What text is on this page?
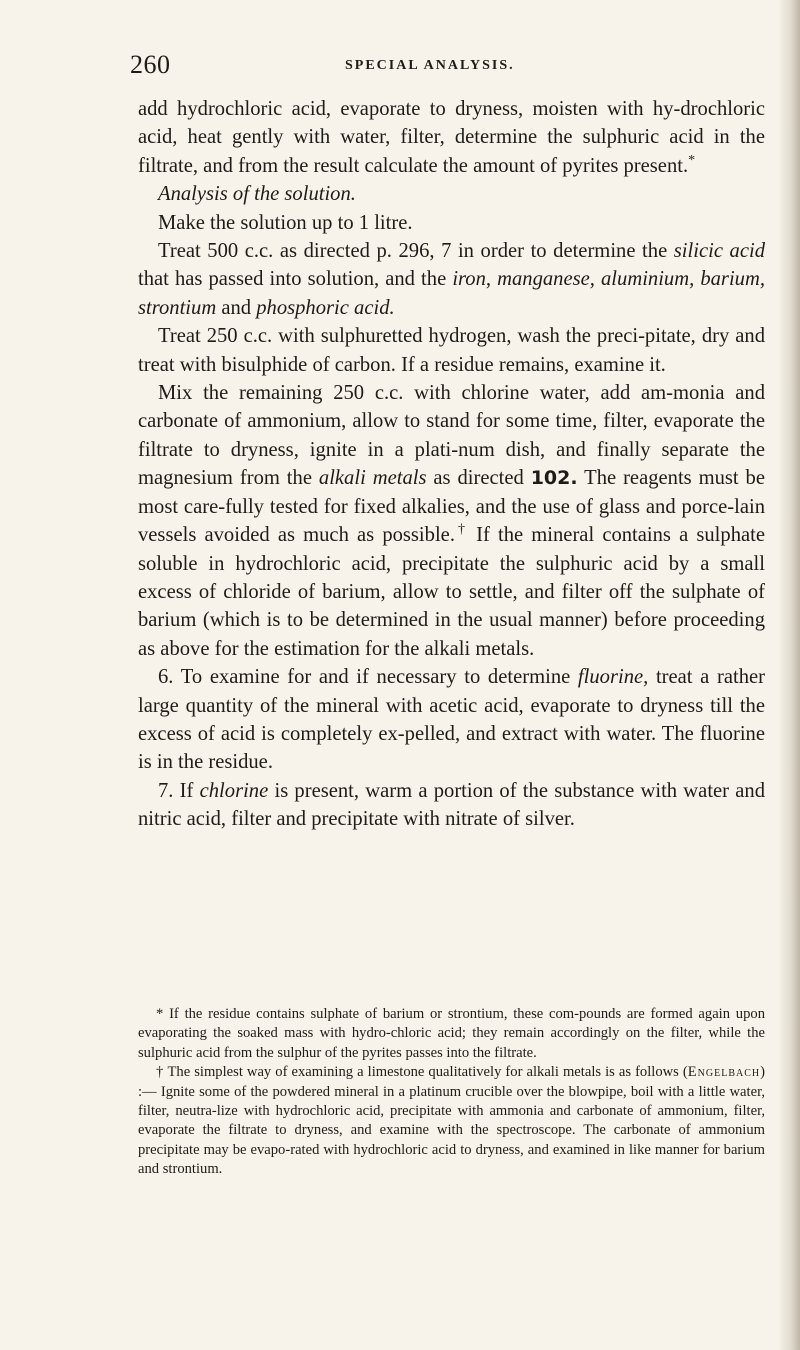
260	SPECIAL ANALYSIS.

add hydrochloric acid, evaporate to dryness, moisten with hy-drochloric acid, heat gently with water, filter, determine the sulphuric acid in the filtrate, and from the result calculate the amount of pyrites present.*

Analysis of the solution.

Make the solution up to 1 litre.

Treat 500 c.c. as directed p. 296, 7 in order to determine the silicic acid that has passed into solution, and the iron, manganese, aluminium, barium, strontium and phosphoric acid.

Treat 250 c.c. with sulphuretted hydrogen, wash the preci-pitate, dry and treat with bisulphide of carbon. If a residue remains, examine it.

Mix the remaining 250 c.c. with chlorine water, add am-monia and carbonate of ammonium, allow to stand for some time, filter, evaporate the filtrate to dryness, ignite in a plati-num dish, and finally separate the magnesium from the alkali metals as directed 102. The reagents must be most care-fully tested for fixed alkalies, and the use of glass and porce-lain vessels avoided as much as possible.† If the mineral contains a sulphate soluble in hydrochloric acid, precipitate the sulphuric acid by a small excess of chloride of barium, allow to settle, and filter off the sulphate of barium (which is to be determined in the usual manner) before proceeding as above for the estimation for the alkali metals.

6. To examine for and if necessary to determine fluorine, treat a rather large quantity of the mineral with acetic acid, evaporate to dryness till the excess of acid is completely ex-pelled, and extract with water. The fluorine is in the residue.

7. If chlorine is present, warm a portion of the substance with water and nitric acid, filter and precipitate with nitrate of silver.

* If the residue contains sulphate of barium or strontium, these com-pounds are formed again upon evaporating the soaked mass with hydro-chloric acid; they remain accordingly on the filter, while the sulphuric acid from the sulphur of the pyrites passes into the filtrate.

† The simplest way of examining a limestone qualitatively for alkali metals is as follows (Engelbach) :— Ignite some of the powdered mineral in a platinum crucible over the blowpipe, boil with a little water, filter, neutra-lize with hydrochloric acid, precipitate with ammonia and carbonate of ammonium, filter, evaporate the filtrate to dryness, and examine with the spectroscope. The carbonate of ammonium precipitate may be evapo-rated with hydrochloric acid to dryness, and examined in like manner for barium and strontium.
